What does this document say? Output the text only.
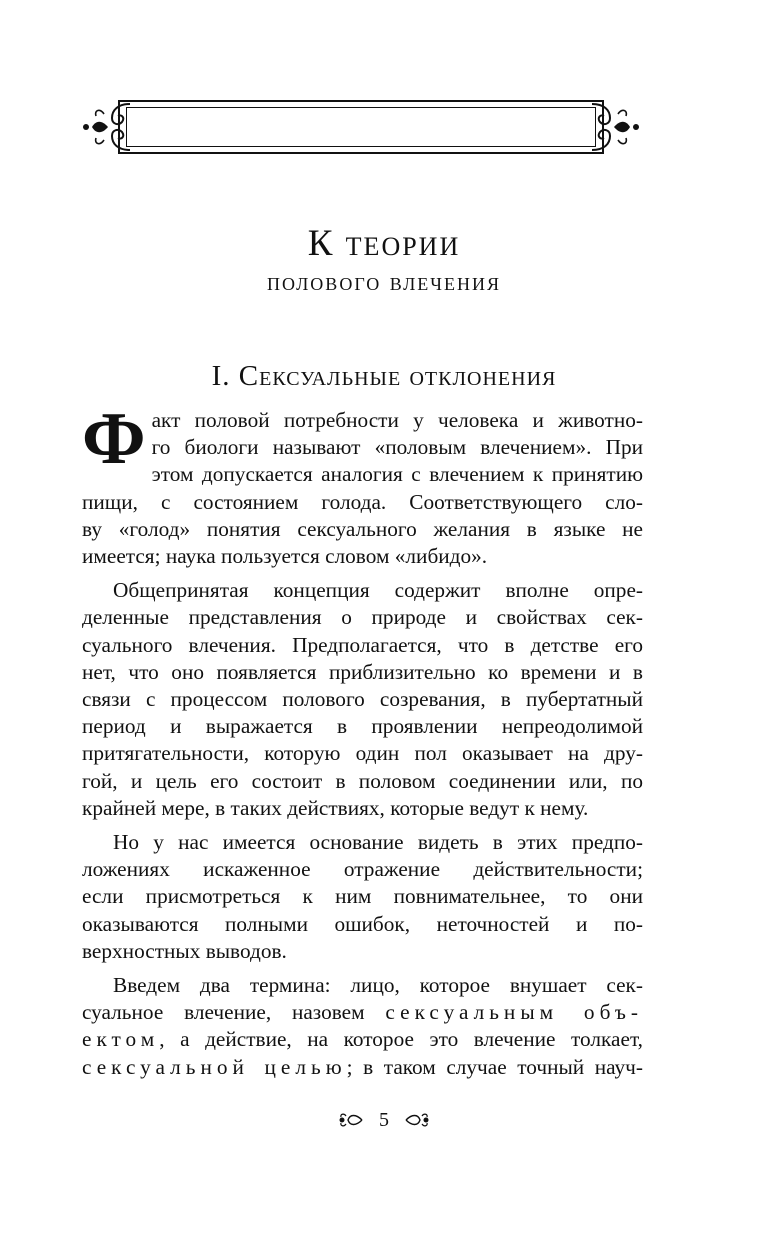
К теории
полового влечения
I. Сексуальные отклонения

Ф акт половой потребности у человека и животно-
го биологи называют «половым влечением». При
этом допускается аналогия с влечением к принятию
пищи, с состоянием голода. Соответствующего сло-
ву «голод» понятия сексуального желания в языке не
имеется; наука пользуется словом «либидо».

Общепринятая концепция содержит вполне опре-
деленные представления о природе и свойствах сек-
суального влечения. Предполагается, что в детстве его
нет, что оно появляется приблизительно ко времени и в
связи с процессом полового созревания, в пубертатный
период и выражается в проявлении непреодолимой
притягательности, которую один пол оказывает на дру-
гой, и цель его состоит в половом соединении или, по
крайней мере, в таких действиях, которые ведут к нему.

Но у нас имеется основание видеть в этих предпо-
ложениях искаженное отражение действительности;
если присмотреться к ним повнимательнее, то они
оказываются полными ошибок, неточностей и по-
верхностных выводов.

Введем два термина: лицо, которое внушает сек-
суальное влечение, назовем сексуальным объ-
ектом, а действие, на которое это влечение толкает,
сексуальной целью; в таком случае точный науч-

5
